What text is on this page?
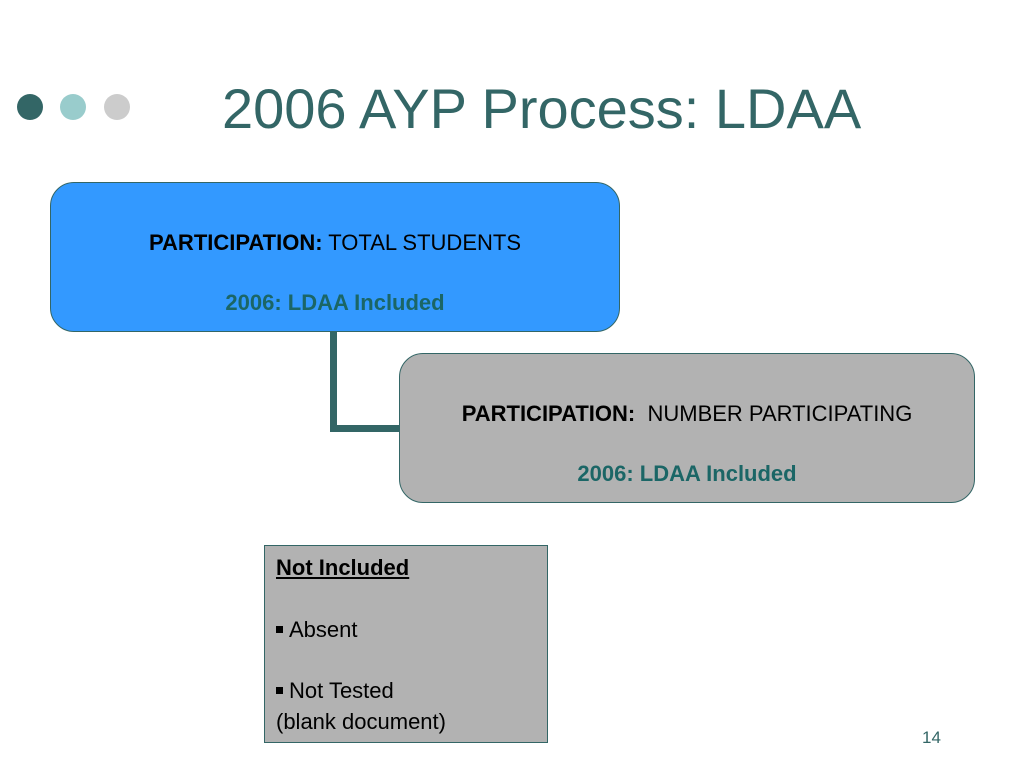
2006 AYP Process: LDAA
PARTICIPATION: TOTAL STUDENTS
2006: LDAA Included
PARTICIPATION: NUMBER PARTICIPATING
2006: LDAA Included
Not Included
Absent
Not Tested
(blank document)
14
